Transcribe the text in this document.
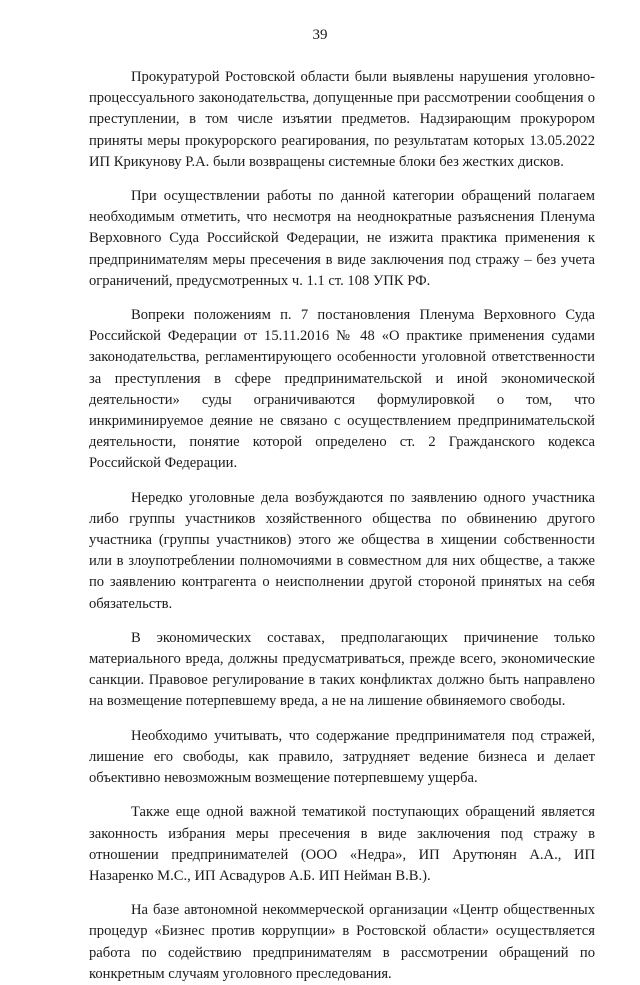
39

Прокуратурой Ростовской области были выявлены нарушения уголовно-процессуального законодательства, допущенные при рассмотрении сообщения о преступлении, в том числе изъятии предметов. Надзирающим прокурором приняты меры прокурорского реагирования, по результатам которых 13.05.2022 ИП Крикунову Р.А. были возвращены системные блоки без жестких дисков.

При осуществлении работы по данной категории обращений полагаем необходимым отметить, что несмотря на неоднократные разъяснения Пленума Верховного Суда Российской Федерации, не изжита практика применения к предпринимателям меры пресечения в виде заключения под стражу – без учета ограничений, предусмотренных ч. 1.1 ст. 108 УПК РФ.

Вопреки положениям п. 7 постановления Пленума Верховного Суда Российской Федерации от 15.11.2016 № 48 «О практике применения судами законодательства, регламентирующего особенности уголовной ответственности за преступления в сфере предпринимательской и иной экономической деятельности» суды ограничиваются формулировкой о том, что инкриминируемое деяние не связано с осуществлением предпринимательской деятельности, понятие которой определено ст. 2 Гражданского кодекса Российской Федерации.

Нередко уголовные дела возбуждаются по заявлению одного участника либо группы участников хозяйственного общества по обвинению другого участника (группы участников) этого же общества в хищении собственности или в злоупотреблении полномочиями в совместном для них обществе, а также по заявлению контрагента о неисполнении другой стороной принятых на себя обязательств.

В экономических составах, предполагающих причинение только материального вреда, должны предусматриваться, прежде всего, экономические санкции. Правовое регулирование в таких конфликтах должно быть направлено на возмещение потерпевшему вреда, а не на лишение обвиняемого свободы.

Необходимо учитывать, что содержание предпринимателя под стражей, лишение его свободы, как правило, затрудняет ведение бизнеса и делает объективно невозможным возмещение потерпевшему ущерба.

Также еще одной важной тематикой поступающих обращений является законность избрания меры пресечения в виде заключения под стражу в отношении предпринимателей (ООО «Недра», ИП Арутюнян А.А., ИП Назаренко М.С., ИП Асвадуров А.Б. ИП Нейман В.В.).

На базе автономной некоммерческой организации «Центр общественных процедур «Бизнес против коррупции» в Ростовской области» осуществляется работа по содействию предпринимателям в рассмотрении обращений по конкретным случаям уголовного преследования.
